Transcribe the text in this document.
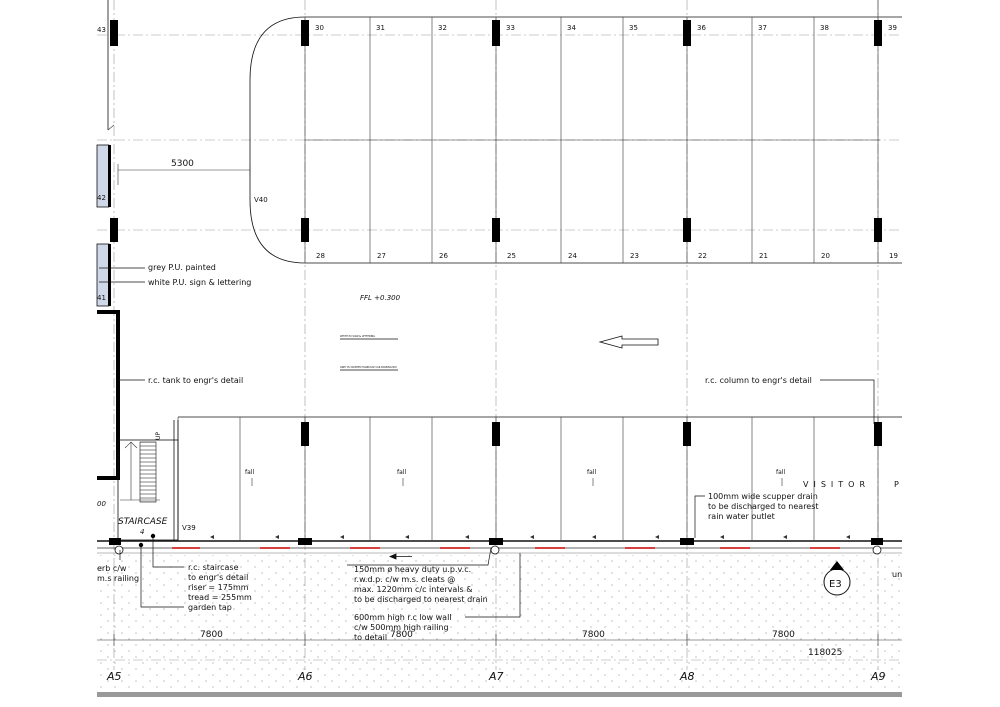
43	30	31	32	33	34	35	36	37	38	39
28	27	26	25	24	23	22	21	20	19
42
41
00
5300
V40
V39
FFL +0.300
WHITE PU SIGN & LETTERING
GREY PU PAINTED HANDICAP CAR PARKING BAY
STAIRCASE
4
UP
fall	fall	fall	fall
VISITOR	P
grey P.U. painted
white P.U. sign & lettering
r.c. tank to engr's detail	r.c. column to engr's detail
100mm wide scupper drain
to be discharged to nearest
rain water outlet
150mm ø heavy duty u.p.v.c.
r.w.d.p. c/w m.s. cleats @
max. 1220mm c/c intervals &
to be discharged to nearest drain
r.c. staircase
to engr's detail
riser = 175mm
tread = 255mm
garden tap
600mm high r.c low wall
c/w 500mm high railing
to detail
erb c/w
m.s railing	un
E3
7800	7800	7800	7800
118025
A5	A6	A7	A8	A9
